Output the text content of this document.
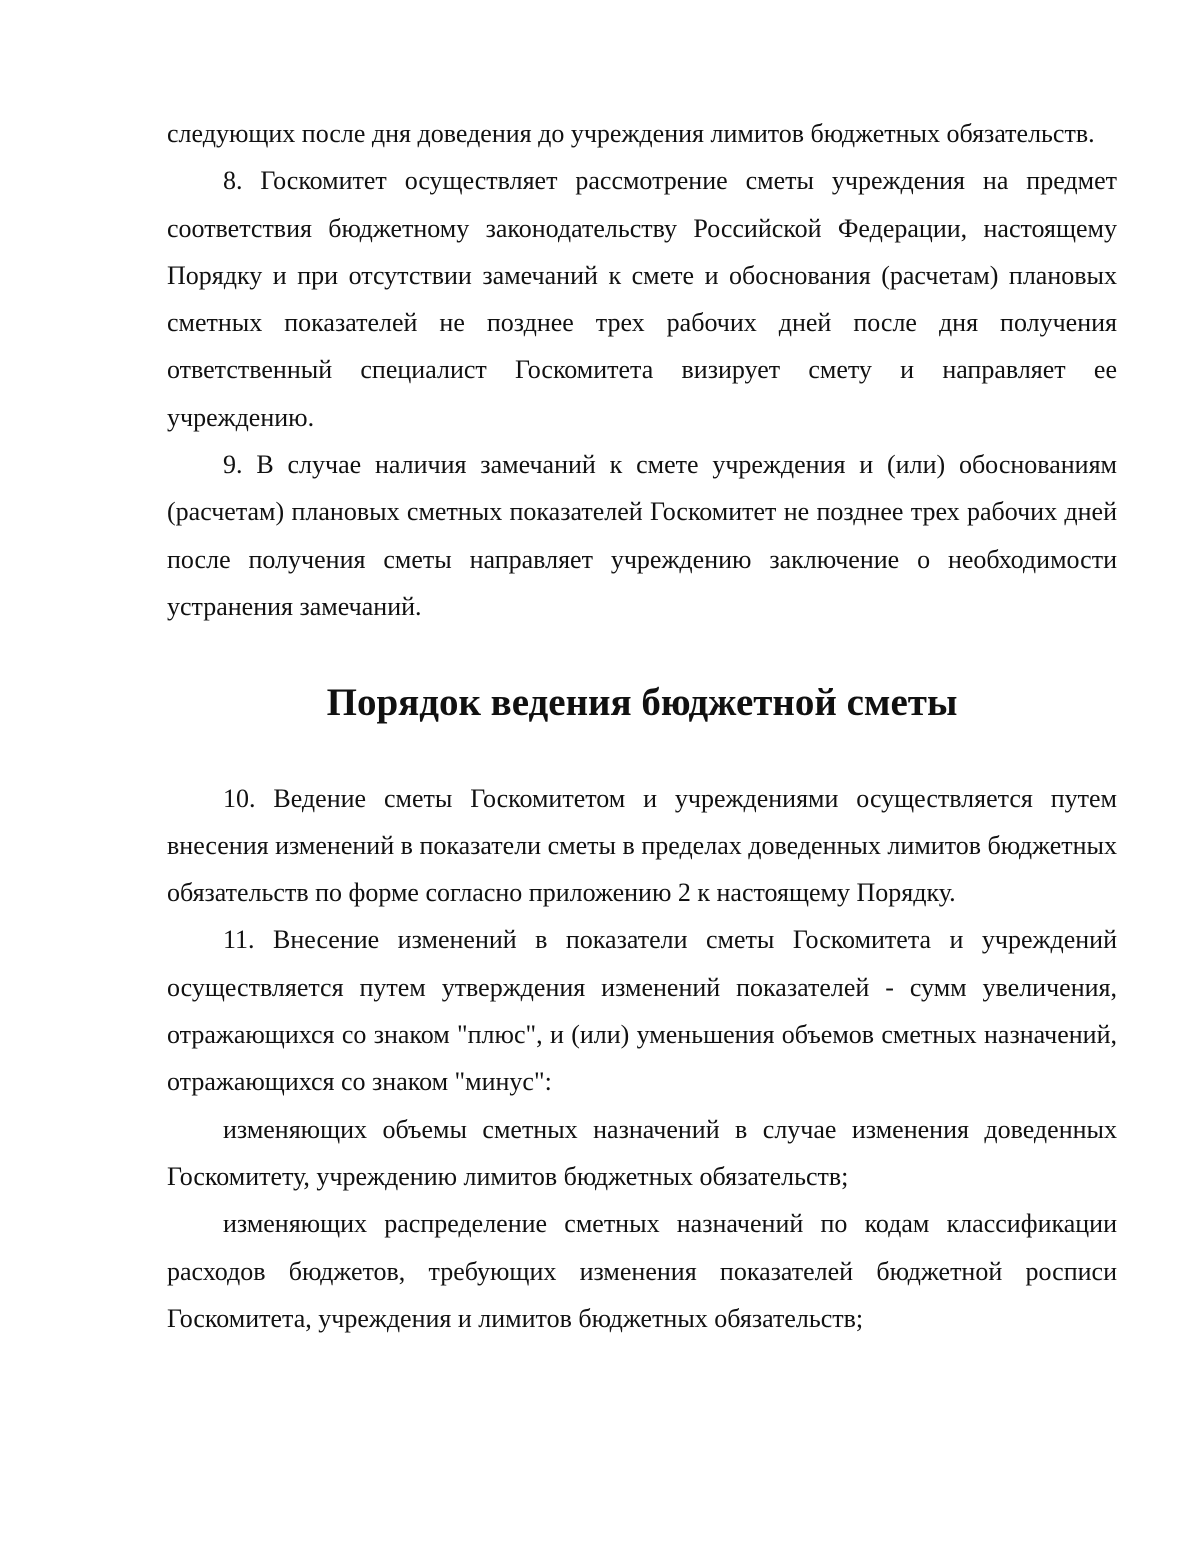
следующих после дня доведения до учреждения лимитов бюджетных обязательств.

8. Госкомитет осуществляет рассмотрение сметы учреждения на предмет соответствия бюджетному законодательству Российской Федерации, настоящему Порядку и при отсутствии замечаний к смете и обоснования (расчетам) плановых сметных показателей не позднее трех рабочих дней после дня получения ответственный специалист Госкомитета визирует смету и направляет ее учреждению.

9. В случае наличия замечаний к смете учреждения и (или) обоснованиям (расчетам) плановых сметных показателей Госкомитет не позднее трех рабочих дней после получения сметы направляет учреждению заключение о необходимости устранения замечаний.

Порядок ведения бюджетной сметы

10. Ведение сметы Госкомитетом и учреждениями осуществляется путем внесения изменений в показатели сметы в пределах доведенных лимитов бюджетных обязательств по форме согласно приложению 2 к настоящему Порядку.

11. Внесение изменений в показатели сметы Госкомитета и учреждений осуществляется путем утверждения изменений показателей - сумм увеличения, отражающихся со знаком "плюс", и (или) уменьшения объемов сметных назначений, отражающихся со знаком "минус":

изменяющих объемы сметных назначений в случае изменения доведенных Госкомитету, учреждению лимитов бюджетных обязательств;

изменяющих распределение сметных назначений по кодам классификации расходов бюджетов, требующих изменения показателей бюджетной росписи Госкомитета, учреждения и лимитов бюджетных обязательств;
